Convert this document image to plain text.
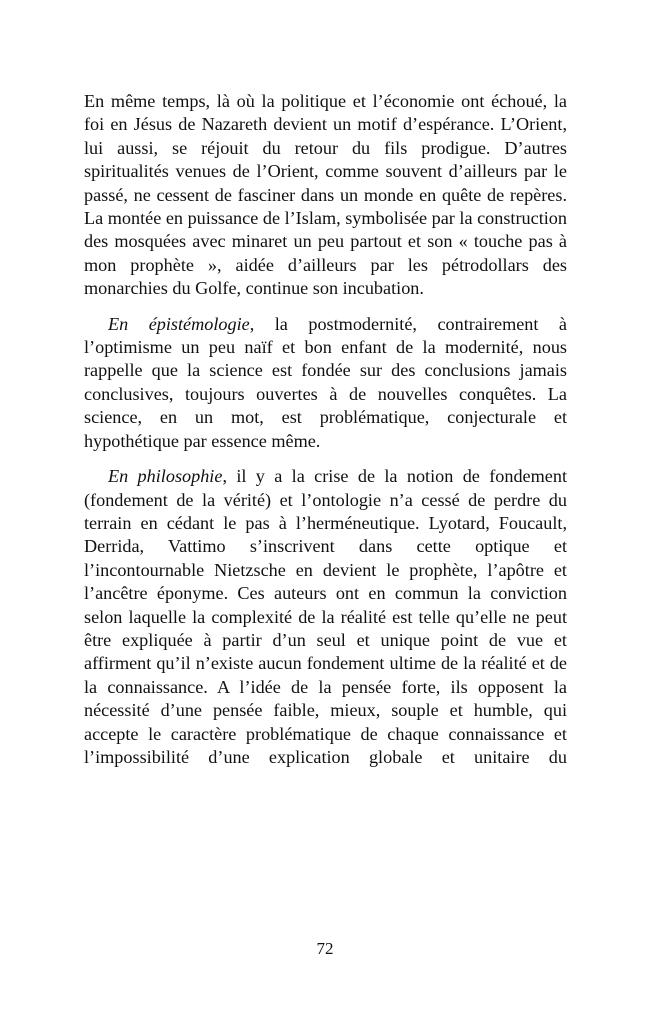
En même temps, là où la politique et l’économie ont échoué, la foi en Jésus de Nazareth devient un motif d’espérance. L’Orient, lui aussi, se réjouit du retour du fils prodigue. D’autres spiritualités venues de l’Orient, comme souvent d’ailleurs par le passé, ne cessent de fasciner dans un monde en quête de repères. La montée en puissance de l’Islam, symbolisée par la construction des mosquées avec minaret un peu partout et son « touche pas à mon prophète », aidée d’ailleurs par les pétrodollars des monarchies du Golfe, continue son incubation.

En épistémologie, la postmodernité, contrairement à l’optimisme un peu naïf et bon enfant de la modernité, nous rappelle que la science est fondée sur des conclusions jamais conclusives, toujours ouvertes à de nouvelles conquêtes. La science, en un mot, est problématique, conjecturale et hypothétique par essence même.

En philosophie, il y a la crise de la notion de fondement (fondement de la vérité) et l’ontologie n’a cessé de perdre du terrain en cédant le pas à l’herméneutique. Lyotard, Foucault, Derrida, Vattimo s’inscrivent dans cette optique et l’incontournable Nietzsche en devient le prophète, l’apôtre et l’ancêtre éponyme. Ces auteurs ont en commun la conviction selon laquelle la complexité de la réalité est telle qu’elle ne peut être expliquée à partir d’un seul et unique point de vue et affirment qu’il n’existe aucun fondement ultime de la réalité et de la connaissance. A l’idée de la pensée forte, ils opposent la nécessité d’une pensée faible, mieux, souple et humble, qui accepte le caractère problématique de chaque connaissance et l’impossibilité d’une explication globale et unitaire du

72
